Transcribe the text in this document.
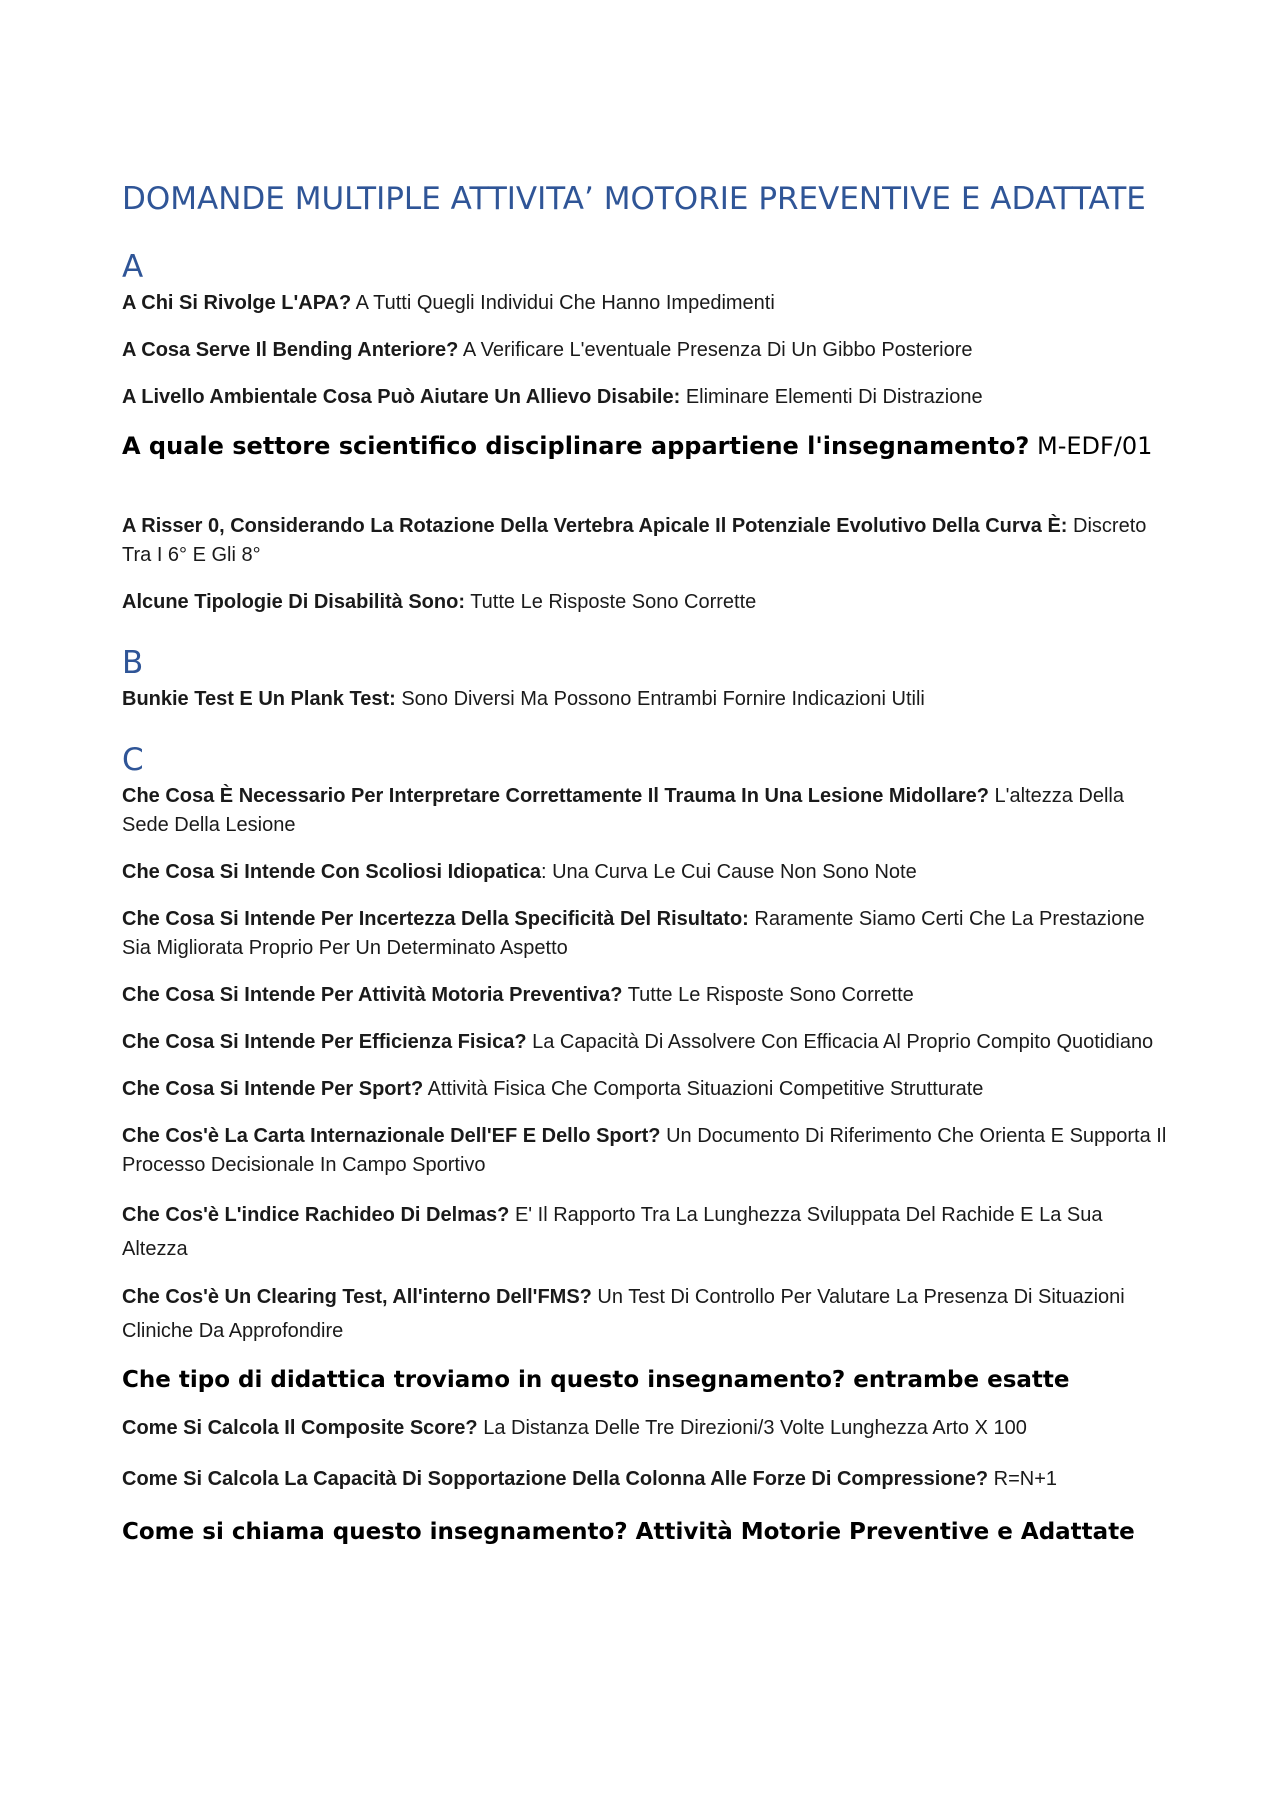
DOMANDE MULTIPLE ATTIVITA’ MOTORIE PREVENTIVE E ADATTATE
A

A Chi Si Rivolge L'APA? A Tutti Quegli Individui Che Hanno Impedimenti

A Cosa Serve Il Bending Anteriore? A Verificare L'eventuale Presenza Di Un Gibbo Posteriore

A Livello Ambientale Cosa Può Aiutare Un Allievo Disabile: Eliminare Elementi Di Distrazione

A quale settore scientifico disciplinare appartiene l'insegnamento? M-EDF/01

A Risser 0, Considerando La Rotazione Della Vertebra Apicale Il Potenziale Evolutivo Della Curva È: Discreto Tra I 6° E Gli 8°

Alcune Tipologie Di Disabilità Sono: Tutte Le Risposte Sono Corrette

B

Bunkie Test E Un Plank Test: Sono Diversi Ma Possono Entrambi Fornire Indicazioni Utili

C

Che Cosa È Necessario Per Interpretare Correttamente Il Trauma In Una Lesione Midollare? L'altezza Della Sede Della Lesione

Che Cosa Si Intende Con Scoliosi Idiopatica: Una Curva Le Cui Cause Non Sono Note

Che Cosa Si Intende Per Incertezza Della Specificità Del Risultato: Raramente Siamo Certi Che La Prestazione Sia Migliorata Proprio Per Un Determinato Aspetto

Che Cosa Si Intende Per Attività Motoria Preventiva? Tutte Le Risposte Sono Corrette

Che Cosa Si Intende Per Efficienza Fisica? La Capacità Di Assolvere Con Efficacia Al Proprio Compito Quotidiano

Che Cosa Si Intende Per Sport? Attività Fisica Che Comporta Situazioni Competitive Strutturate

Che Cos'è La Carta Internazionale Dell'EF E Dello Sport? Un Documento Di Riferimento Che Orienta E Supporta Il Processo Decisionale In Campo Sportivo

Che Cos'è L'indice Rachideo Di Delmas? E' Il Rapporto Tra La Lunghezza Sviluppata Del Rachide E La Sua Altezza

Che Cos'è Un Clearing Test, All'interno Dell'FMS? Un Test Di Controllo Per Valutare La Presenza Di Situazioni Cliniche Da Approfondire

Che tipo di didattica troviamo in questo insegnamento? entrambe esatte

Come Si Calcola Il Composite Score? La Distanza Delle Tre Direzioni/3 Volte Lunghezza Arto X 100

Come Si Calcola La Capacità Di Sopportazione Della Colonna Alle Forze Di Compressione? R=N+1

Come si chiama questo insegnamento? Attività Motorie Preventive e Adattate
